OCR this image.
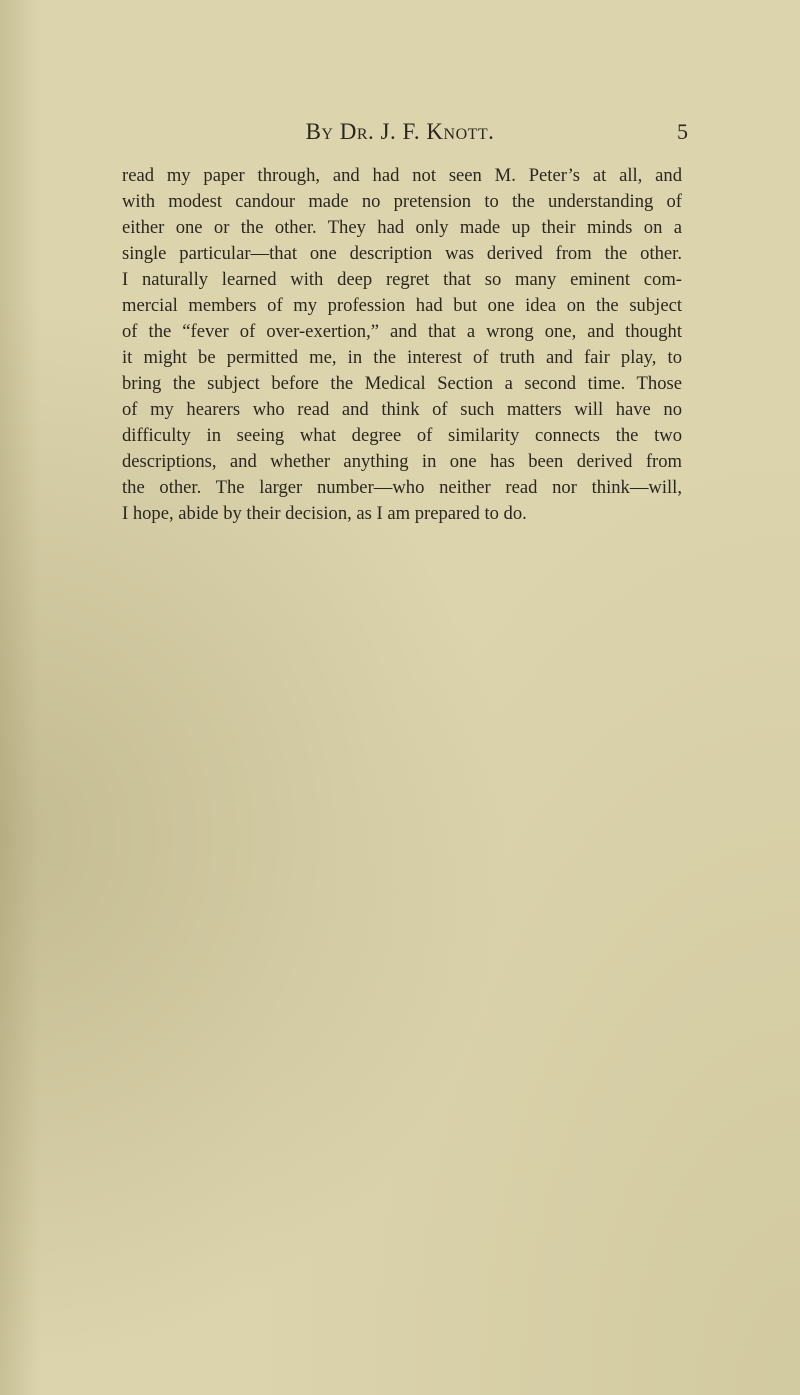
By Dr. J. F. Knott.	5
read my paper through, and had not seen M. Peter’s at all, and
with modest candour made no pretension to the understanding of
either one or the other. They had only made up their minds on a
single particular—that one description was derived from the other.
I naturally learned with deep regret that so many eminent com-
mercial members of my profession had but one idea on the subject
of the “fever of over-exertion,” and that a wrong one, and thought
it might be permitted me, in the interest of truth and fair play, to
bring the subject before the Medical Section a second time. Those
of my hearers who read and think of such matters will have no
difficulty in seeing what degree of similarity connects the two
descriptions, and whether anything in one has been derived from
the other. The larger number—who neither read nor think—will,
I hope, abide by their decision, as I am prepared to do.
